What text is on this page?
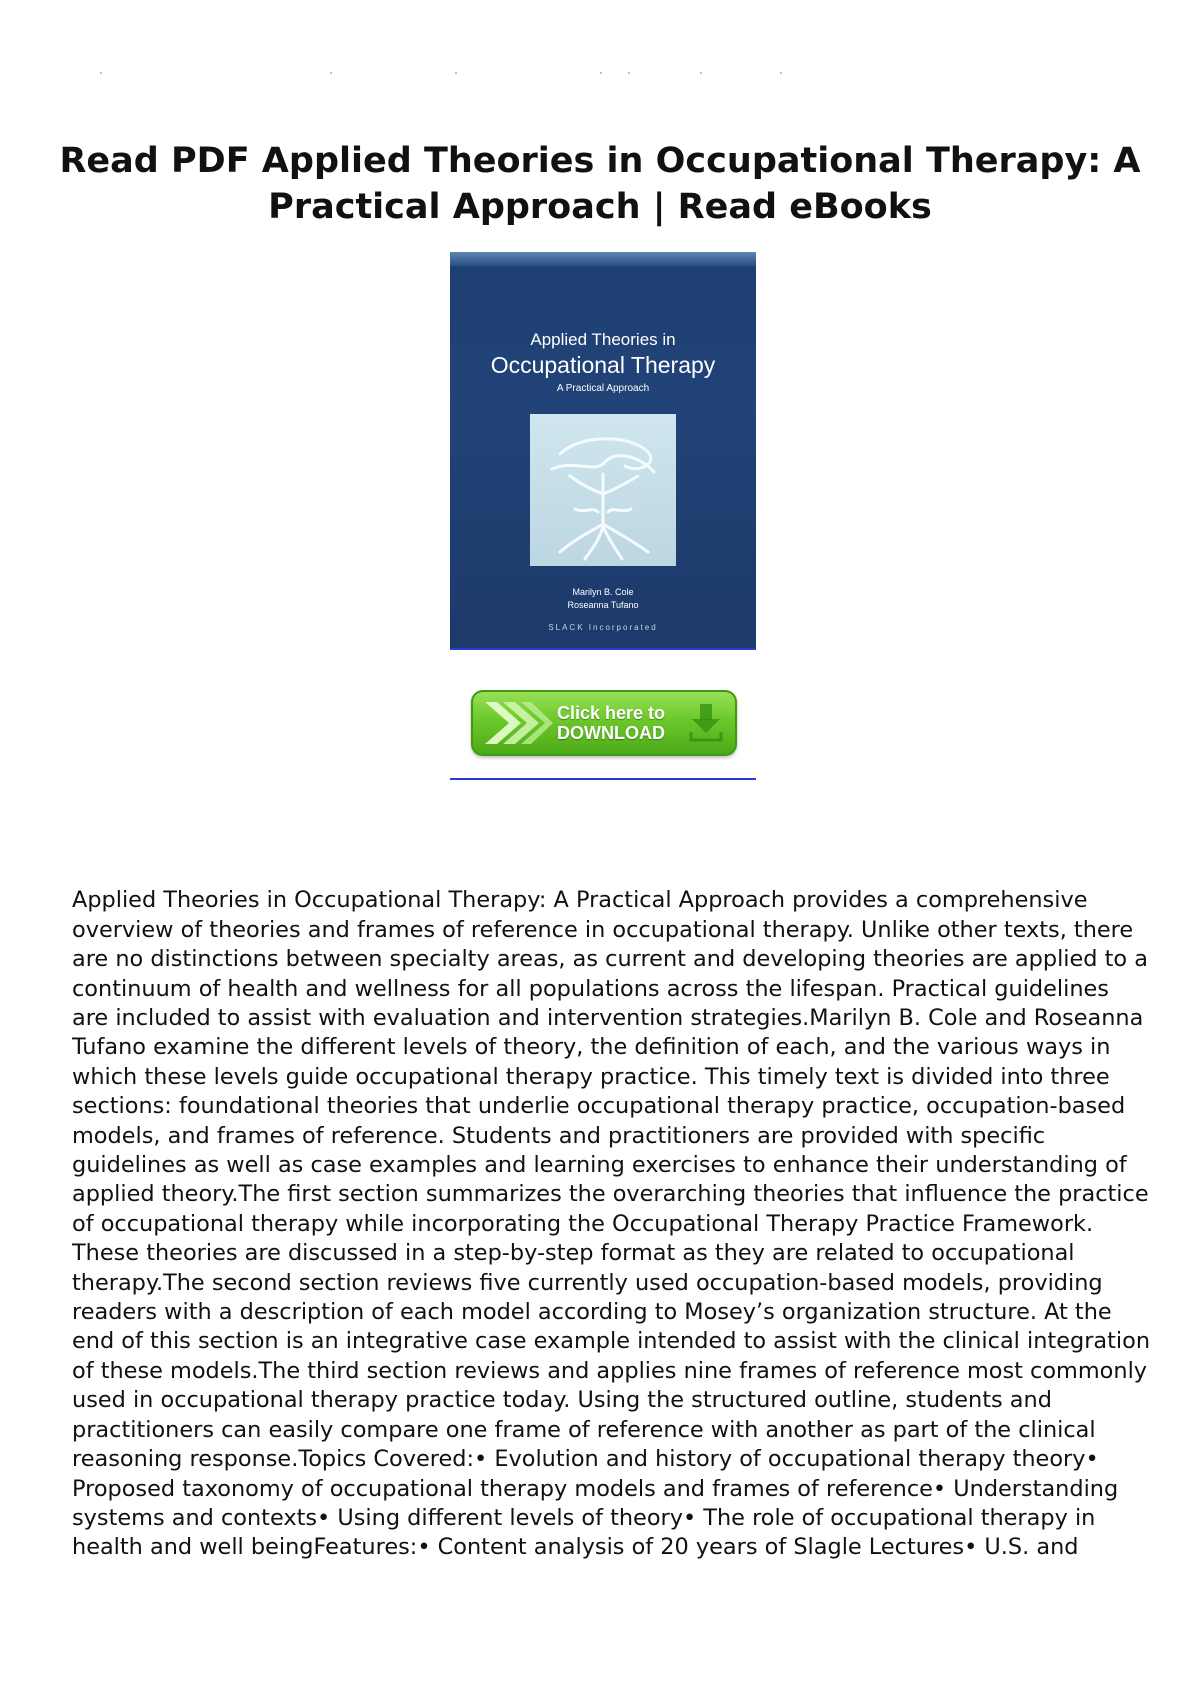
Read PDF Applied Theories in Occupational Therapy: A Practical Approach | Read eBooks
Applied Theories in
Occupational Therapy
A Practical Approach
Marilyn B. Cole
Roseanna Tufano
SLACK Incorporated
Click here to
DOWNLOAD

Applied Theories in Occupational Therapy: A Practical Approach provides a comprehensive overview of theories and frames of reference in occupational therapy. Unlike other texts, there are no distinctions between specialty areas, as current and developing theories are applied to a continuum of health and wellness for all populations across the lifespan. Practical guidelines are included to assist with evaluation and intervention strategies.Marilyn B. Cole and Roseanna Tufano examine the different levels of theory, the definition of each, and the various ways in which these levels guide occupational therapy practice. This timely text is divided into three sections: foundational theories that underlie occupational therapy practice, occupation-based models, and frames of reference. Students and practitioners are provided with specific guidelines as well as case examples and learning exercises to enhance their understanding of applied theory.The first section summarizes the overarching theories that influence the practice of occupational therapy while incorporating the Occupational Therapy Practice Framework. These theories are discussed in a step-by-step format as they are related to occupational therapy.The second section reviews five currently used occupation-based models, providing readers with a description of each model according to Mosey’s organization structure. At the end of this section is an integrative case example intended to assist with the clinical integration of these models.The third section reviews and applies nine frames of reference most commonly used in occupational therapy practice today. Using the structured outline, students and practitioners can easily compare one frame of reference with another as part of the clinical reasoning response.Topics Covered:• Evolution and history of occupational therapy theory• Proposed taxonomy of occupational therapy models and frames of reference• Understanding systems and contexts• Using different levels of theory• The role of occupational therapy in health and well beingFeatures:• Content analysis of 20 years of Slagle Lectures• U.S. and
